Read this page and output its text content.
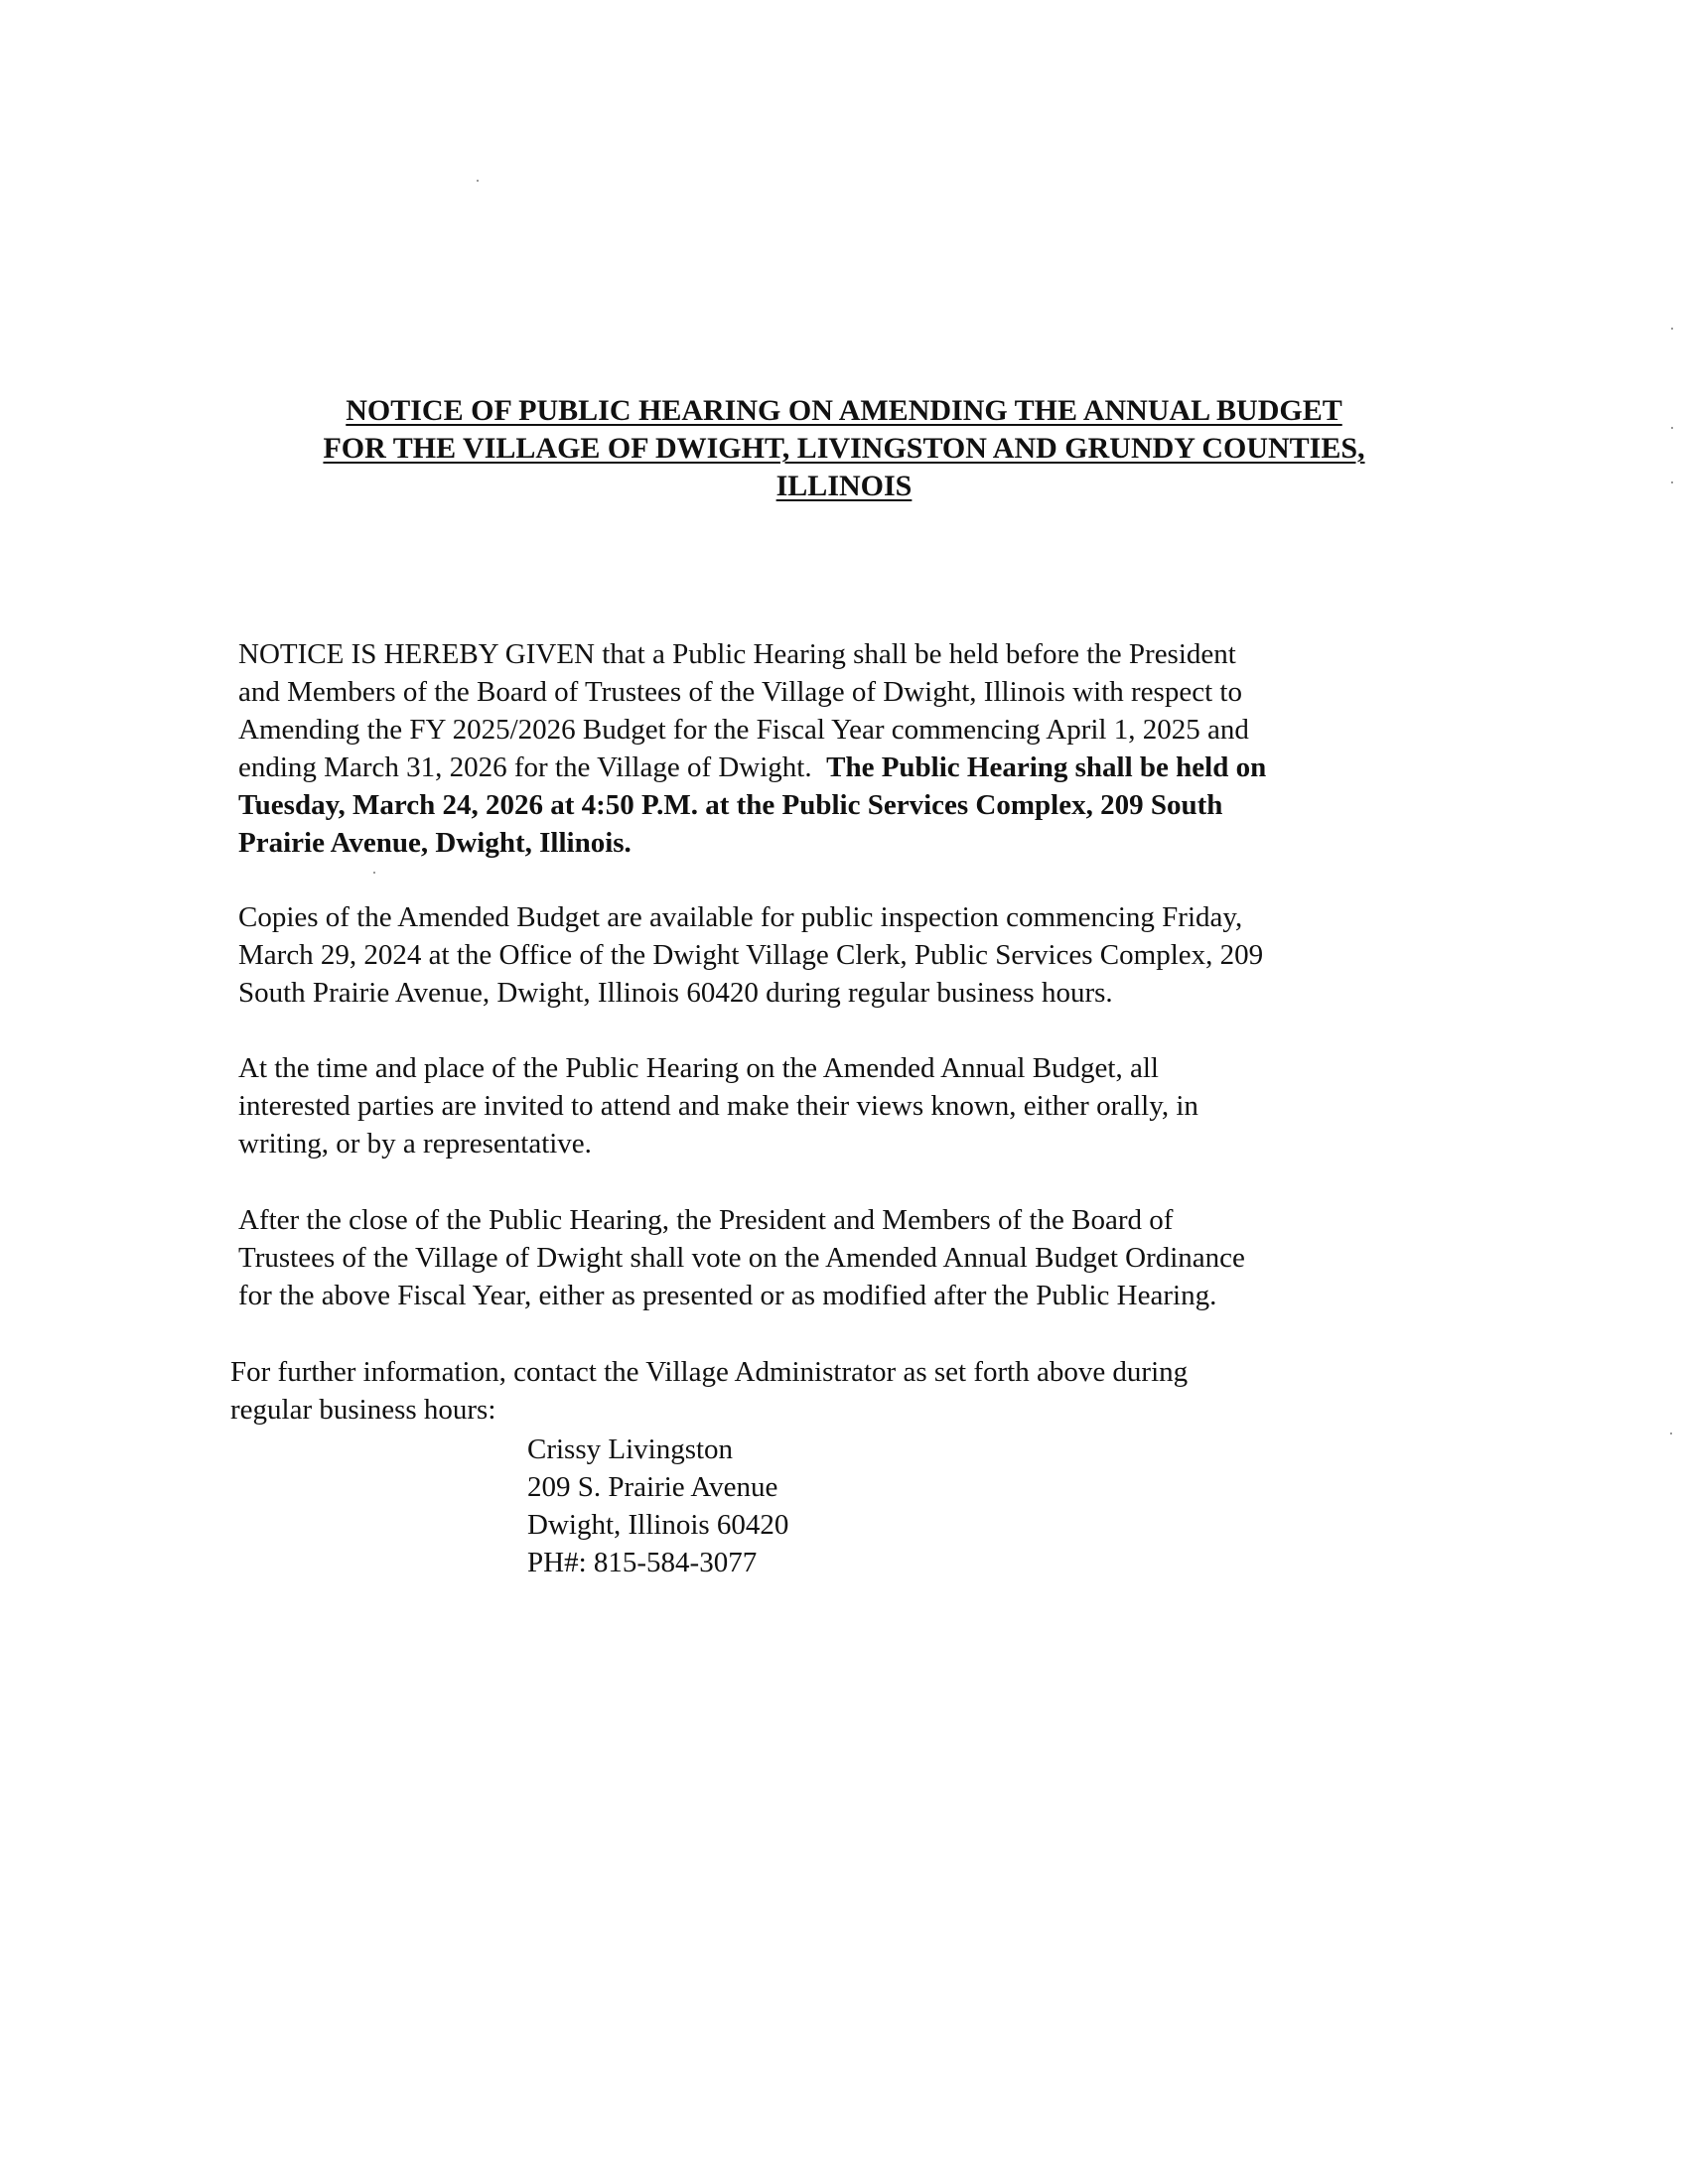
NOTICE OF PUBLIC HEARING ON AMENDING THE ANNUAL BUDGET
FOR THE VILLAGE OF DWIGHT, LIVINGSTON AND GRUNDY COUNTIES,
ILLINOIS

NOTICE IS HEREBY GIVEN that a Public Hearing shall be held before the President
and Members of the Board of Trustees of the Village of Dwight, Illinois with respect to
Amending the FY 2025/2026 Budget for the Fiscal Year commencing April 1, 2025 and
ending March 31, 2026 for the Village of Dwight. The Public Hearing shall be held on
Tuesday, March 24, 2026 at 4:50 P.M. at the Public Services Complex, 209 South
Prairie Avenue, Dwight, Illinois.

Copies of the Amended Budget are available for public inspection commencing Friday,
March 29, 2024 at the Office of the Dwight Village Clerk, Public Services Complex, 209
South Prairie Avenue, Dwight, Illinois 60420 during regular business hours.

At the time and place of the Public Hearing on the Amended Annual Budget, all
interested parties are invited to attend and make their views known, either orally, in
writing, or by a representative.

After the close of the Public Hearing, the President and Members of the Board of
Trustees of the Village of Dwight shall vote on the Amended Annual Budget Ordinance
for the above Fiscal Year, either as presented or as modified after the Public Hearing.

For further information, contact the Village Administrator as set forth above during
regular business hours:

Crissy Livingston
209 S. Prairie Avenue
Dwight, Illinois 60420
PH#: 815-584-3077
